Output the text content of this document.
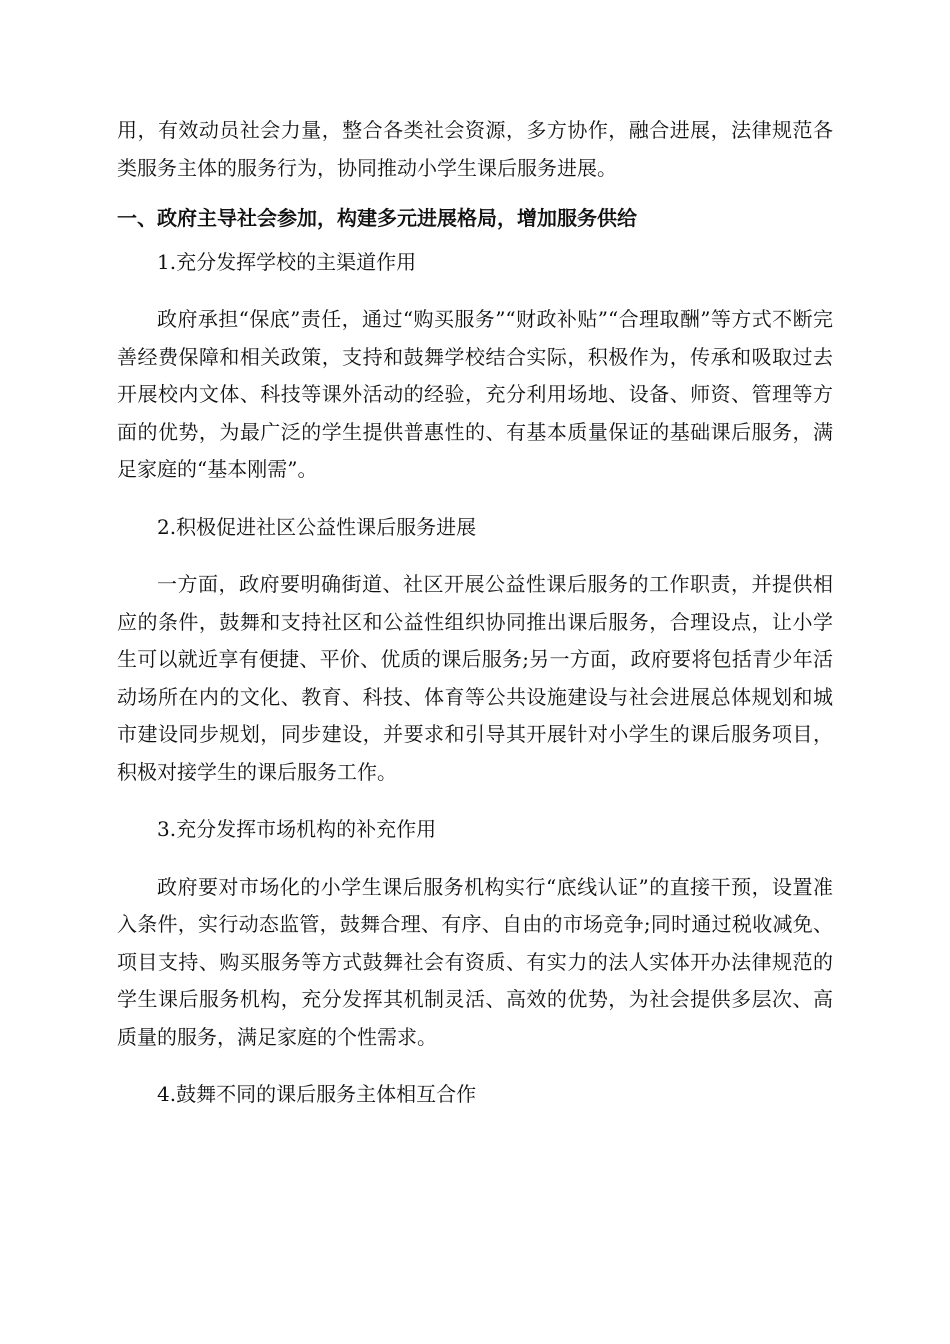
用，有效动员社会力量，整合各类社会资源，多方协作，融合进展，法律规范各类服务主体的服务行为，协同推动小学生课后服务进展。

一、政府主导社会参加，构建多元进展格局，增加服务供给

1.充分发挥学校的主渠道作用

政府承担“保底”责任，通过“购买服务”“财政补贴”“合理取酬”等方式不断完善经费保障和相关政策，支持和鼓舞学校结合实际，积极作为，传承和吸取过去开展校内文体、科技等课外活动的经验，充分利用场地、设备、师资、管理等方面的优势，为最广泛的学生提供普惠性的、有基本质量保证的基础课后服务，满足家庭的“基本刚需”。

2.积极促进社区公益性课后服务进展

一方面，政府要明确街道、社区开展公益性课后服务的工作职责，并提供相应的条件，鼓舞和支持社区和公益性组织协同推出课后服务，合理设点，让小学生可以就近享有便捷、平价、优质的课后服务;另一方面，政府要将包括青少年活动场所在内的文化、教育、科技、体育等公共设施建设与社会进展总体规划和城市建设同步规划，同步建设，并要求和引导其开展针对小学生的课后服务项目，积极对接学生的课后服务工作。

3.充分发挥市场机构的补充作用

政府要对市场化的小学生课后服务机构实行“底线认证”的直接干预，设置准入条件，实行动态监管，鼓舞合理、有序、自由的市场竞争;同时通过税收减免、项目支持、购买服务等方式鼓舞社会有资质、有实力的法人实体开办法律规范的学生课后服务机构，充分发挥其机制灵活、高效的优势，为社会提供多层次、高质量的服务，满足家庭的个性需求。

4.鼓舞不同的课后服务主体相互合作
